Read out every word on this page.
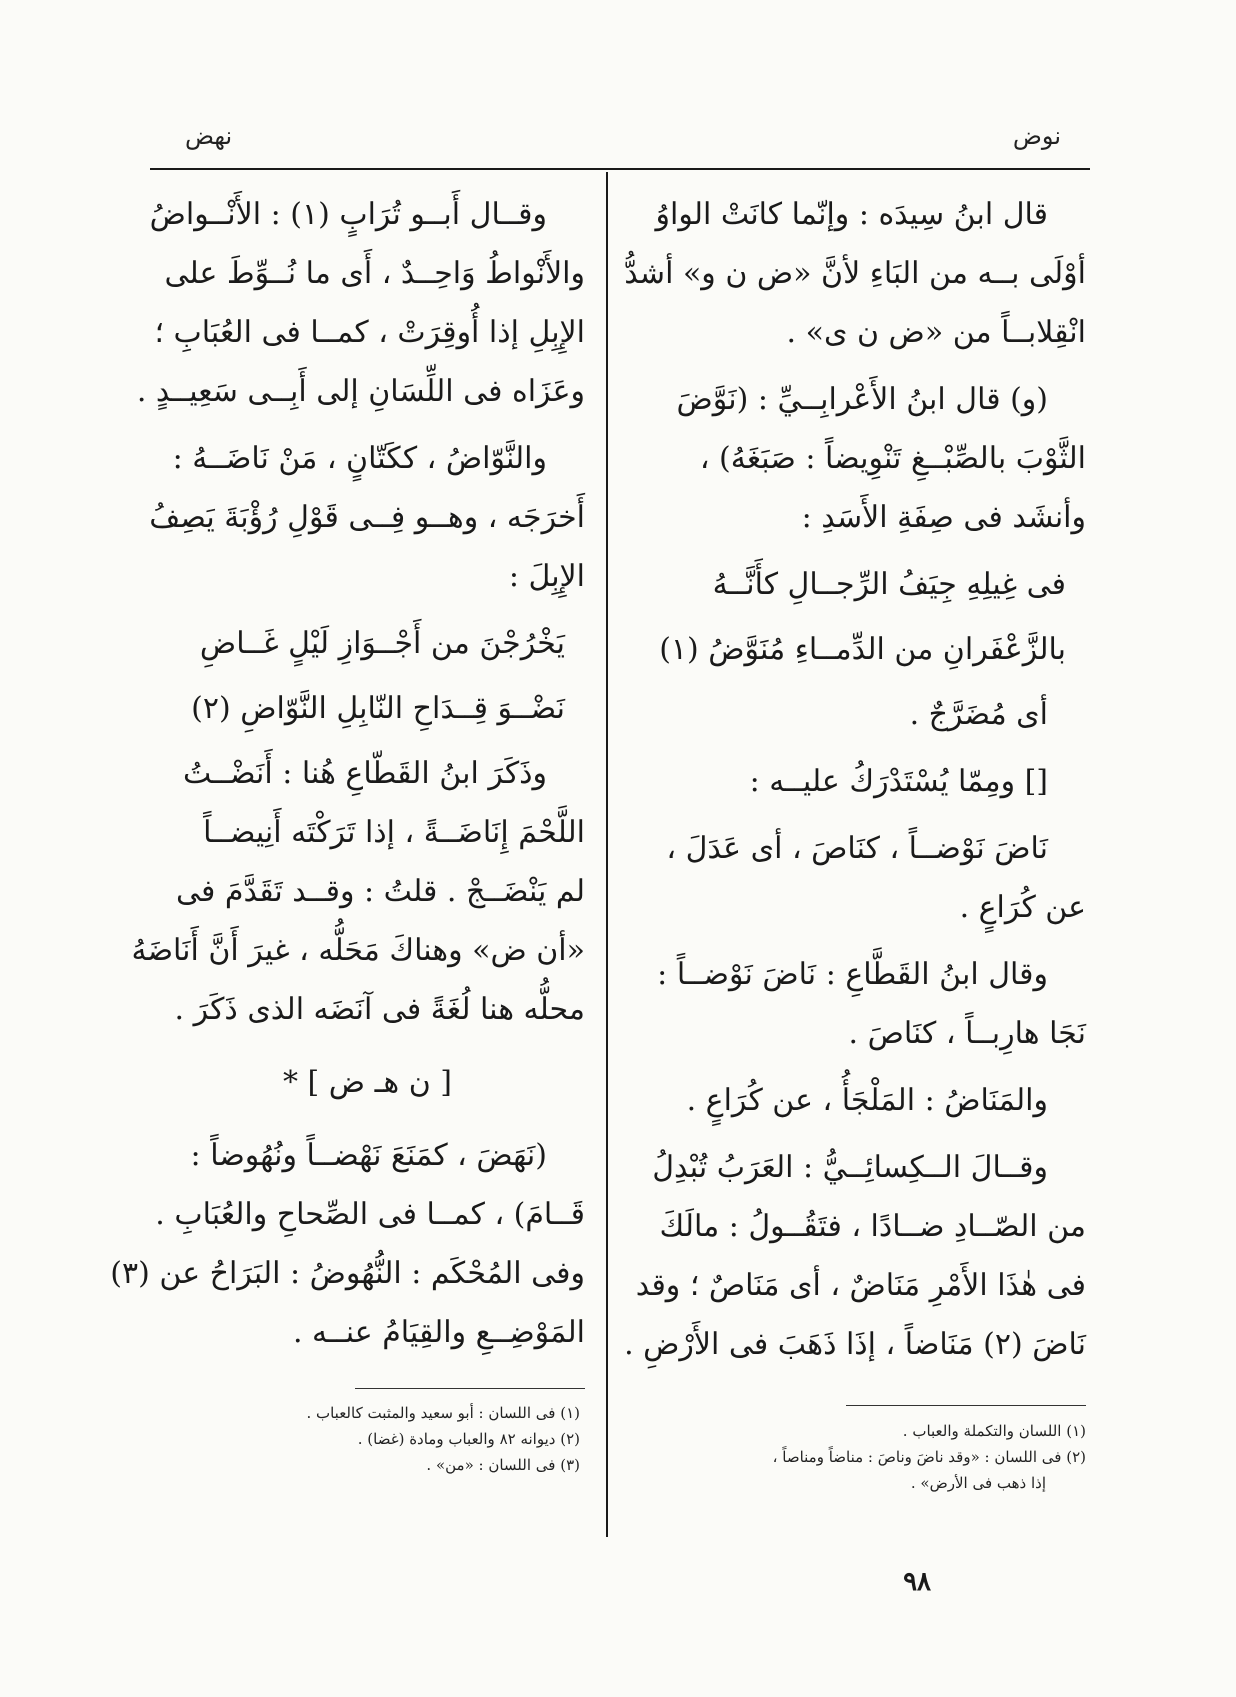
نوض
نهض
قال ابنُ سِيدَه : وإنّما كانَتْ الواوُ
أوْلَى بــه من البَاءِ لأنَّ «ض ن و» أشدُّ
انْقِلابــاً من «ض ن ى» .
(و) قال ابنُ الأَعْرابِــيِّ : (نَوَّضَ
الثَّوْبَ بالصِّبْــغِ تَنْوِيضاً : صَبَغَهُ) ،
وأنشَد فى صِفَةِ الأَسَدِ :
فى غِيلِهِ جِيَفُ الرِّجــالِ كأَنَّــهُ
بالزَّعْفَرانِ من الدِّمــاءِ مُنَوَّضُ (١)
أى مُضَرَّجٌ .
[] ومِمّا يُسْتَدْرَكُ عليــه :
نَاضَ نَوْضــاً ، كنَاصَ ، أى عَدَلَ ،
عن كُرَاعٍ .
وقال ابنُ القَطَّاعِ : نَاضَ نَوْضــاً :
نَجَا هارِبــاً ، كنَاصَ .
والمَنَاضُ : المَلْجَأُ ، عن كُرَاعٍ .
وقــالَ الــكِسائِــيُّ : العَرَبُ تُبْدِلُ
من الصّــادِ ضــادًا ، فتَقُــولُ : مالَكَ
فى هٰذَا الأَمْرِ مَنَاضٌ ، أى مَنَاصٌ ؛ وقد
نَاضَ (٢) مَنَاضاً ، إذَا ذَهَبَ فى الأَرْضِ .
وقــال أَبــو تُرَابٍ (١) : الأَنْــواضُ
والأَنْواطُ وَاحِــدٌ ، أَى ما نُــوِّطَ على
الإِبِلِ إذا أُوقِرَتْ ، كمــا فى العُبَابِ ؛
وعَزَاه فى اللِّسَانِ إلى أَبِــى سَعِيــدٍ .
والنَّوّاضُ ، ككَتّانٍ ، مَنْ نَاضَــهُ :
أَخرَجَه ، وهــو فِــى قَوْلِ رُؤْبَةَ يَصِفُ
الإِبِلَ :
يَخْرُجْنَ من أَجْــوَازِ لَيْلٍ غَــاضِ
نَضْــوَ قِــدَاحِ النّابِلِ النَّوّاضِ (٢)
وذَكَرَ ابنُ القَطّاعِ هُنا : أَنَضْــتُ
اللَّحْمَ إِنَاضَــةً ، إذا تَرَكْتَه أَنِيضــاً
لم يَنْضَــجْ . قلتُ : وقــد تَقَدَّمَ فى
«أن ض» وهناكَ مَحَلُّه ، غيرَ أَنَّ أَنَاضَهُ
محلُّه هنا لُغَةً فى آنَضَه الذى ذَكَرَ .
[ ن هـ ض ] *
(نَهَضَ ، كمَنَعَ نَهْضــاً ونُهُوضاً :
قَــامَ) ، كمــا فى الصِّحاحِ والعُبَابِ .
وفى المُحْكَم : النُّهُوضُ : البَرَاحُ عن (٣)
المَوْضِــعِ والقِيَامُ عنــه .
(١) اللسان والتكملة والعباب .
(٢) فى اللسان : «وقد ناضَ وناصَ : مناضاً ومناصاً ،
إذا ذهب فى الأرض» .
(١) فى اللسان : أبو سعيد والمثبت كالعباب .
(٢) ديوانه ٨٢ والعباب ومادة (غضا) .
(٣) فى اللسان : «من» .
٩٨
